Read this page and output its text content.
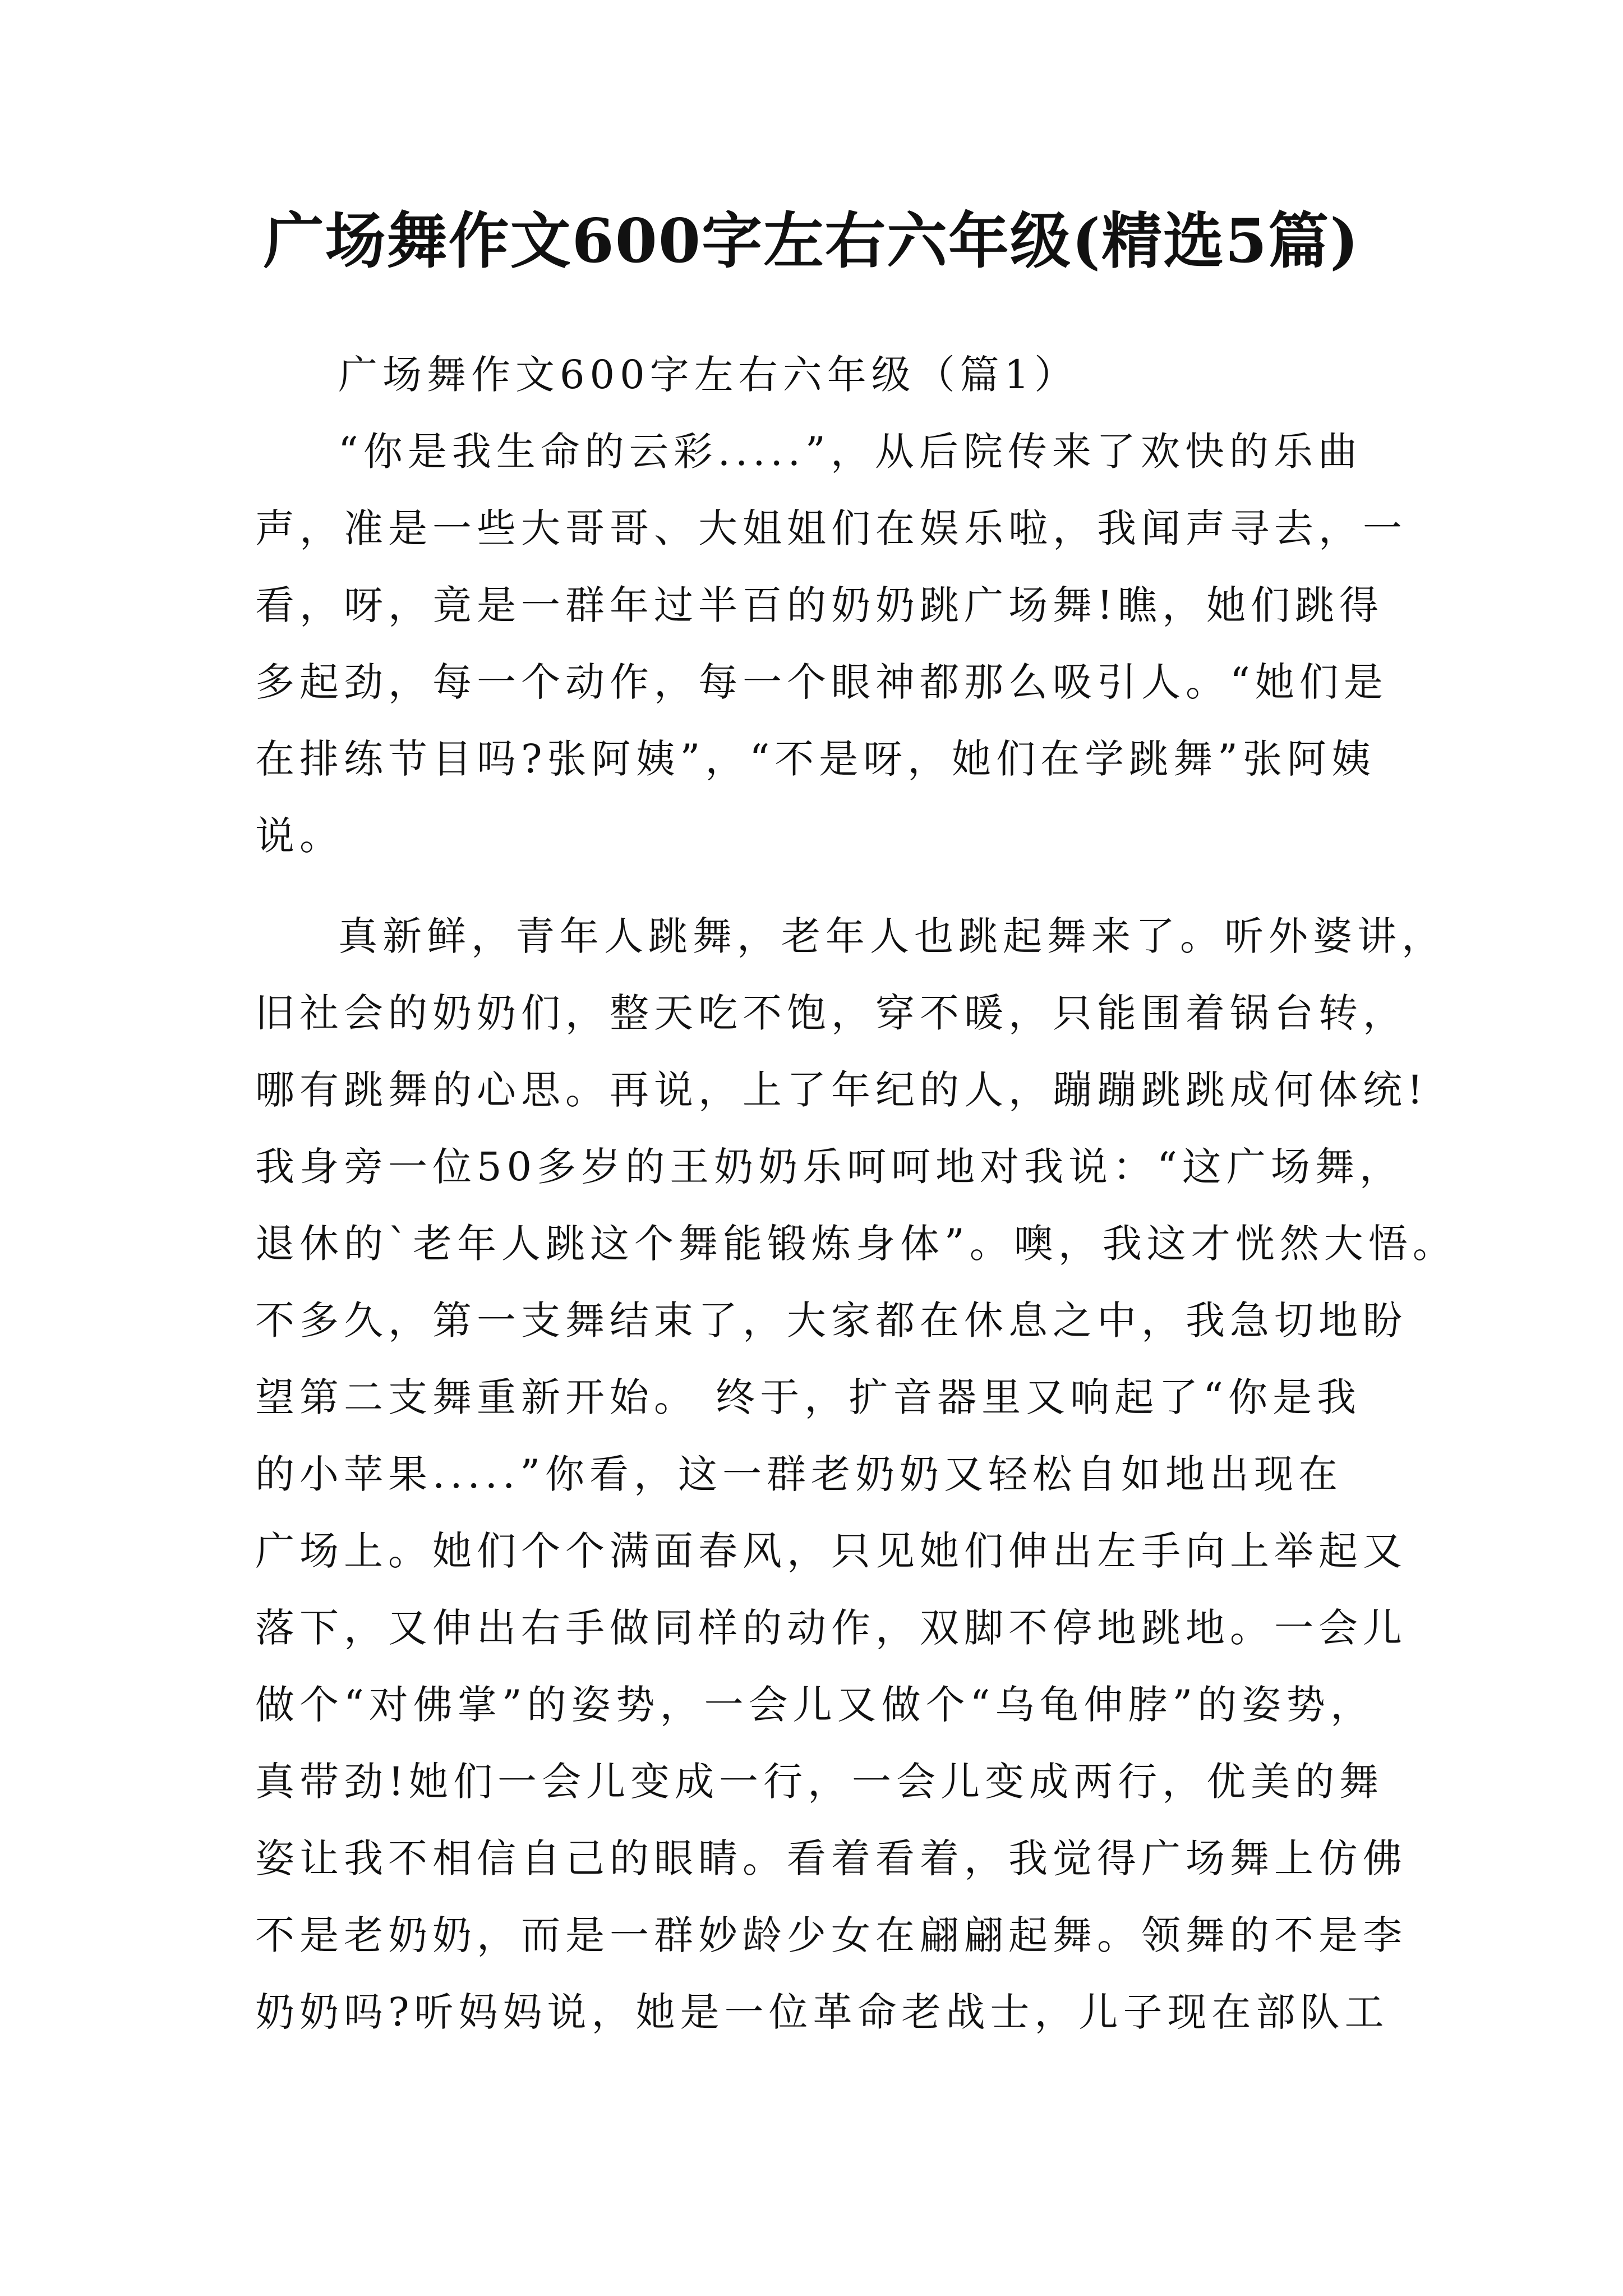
广场舞作文600字左右六年级(精选5篇)
广场舞作文600字左右六年级（篇1）
“你是我生命的云彩.....”，从后院传来了欢快的乐曲
声，准是一些大哥哥、大姐姐们在娱乐啦，我闻声寻去，一
看，呀，竟是一群年过半百的奶奶跳广场舞!瞧，她们跳得
多起劲，每一个动作，每一个眼神都那么吸引人。“她们是
在排练节目吗?张阿姨”，“不是呀，她们在学跳舞”张阿姨
说。
真新鲜，青年人跳舞，老年人也跳起舞来了。听外婆讲，
旧社会的奶奶们，整天吃不饱，穿不暖，只能围着锅台转，
哪有跳舞的心思。再说，上了年纪的人，蹦蹦跳跳成何体统!
我身旁一位50多岁的王奶奶乐呵呵地对我说：“这广场舞，
退休的`老年人跳这个舞能锻炼身体”。噢，我这才恍然大悟。
不多久，第一支舞结束了，大家都在休息之中，我急切地盼
望第二支舞重新开始。 终于，扩音器里又响起了“你是我
的小苹果.....”你看，这一群老奶奶又轻松自如地出现在
广场上。她们个个满面春风，只见她们伸出左手向上举起又
落下，又伸出右手做同样的动作，双脚不停地跳地。一会儿
做个“对佛掌”的姿势，一会儿又做个“乌龟伸脖”的姿势，
真带劲!她们一会儿变成一行，一会儿变成两行，优美的舞
姿让我不相信自己的眼睛。看着看着，我觉得广场舞上仿佛
不是老奶奶，而是一群妙龄少女在翩翩起舞。领舞的不是李
奶奶吗?听妈妈说，她是一位革命老战士，儿子现在部队工
